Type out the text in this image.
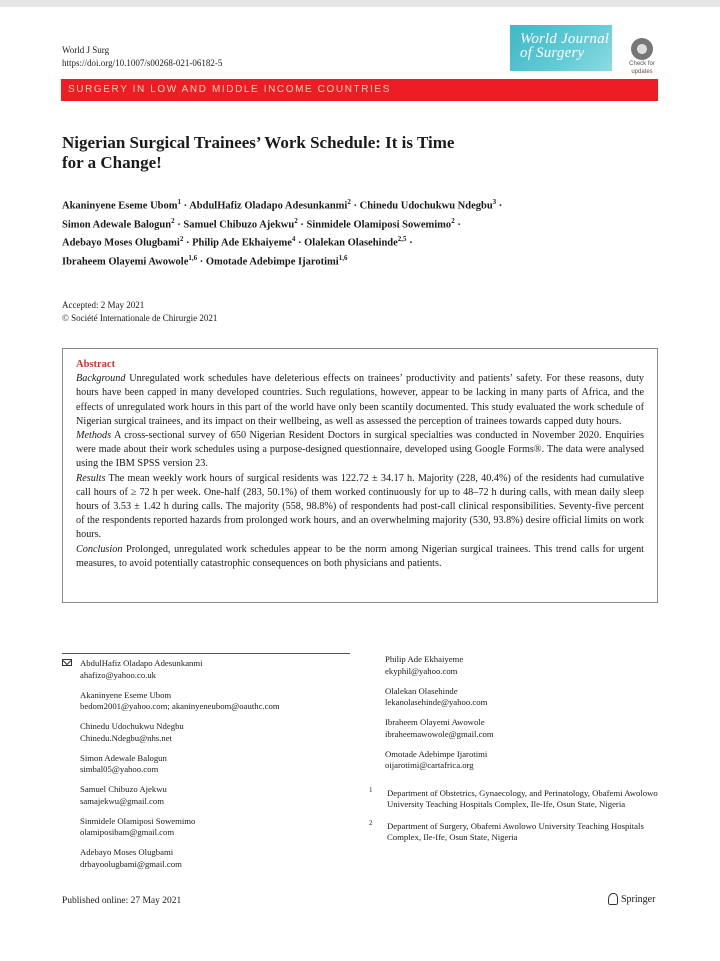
World J Surg
https://doi.org/10.1007/s00268-021-06182-5
World Journal
of Surgery
Check for
updates
SURGERY IN LOW AND MIDDLE INCOME COUNTRIES
Nigerian Surgical Trainees’ Work Schedule: It is Time
for a Change!
Akaninyene Eseme Ubom$^1$ · AbdulHafiz Oladapo Adesunkanmi$^2$ · Chinedu Udochukwu Ndegbu$^3$ ·
Simon Adewale Balogun$^2$ · Samuel Chibuzo Ajekwu$^2$ · Sinmidele Olamiposi Sowemimo$^2$ ·
Adebayo Moses Olugbami$^2$ · Philip Ade Ekhaiyeme$^4$ · Olalekan Olasehinde$^{2,5}$ ·
Ibraheem Olayemi Awowole$^{1,6}$ · Omotade Adebimpe Ijarotimi$^{1,6}$
Accepted: 2 May 2021
© Société Internationale de Chirurgie 2021
Abstract

Background Unregulated work schedules have deleterious effects on trainees’ productivity and patients’ safety. For these reasons, duty hours have been capped in many developed countries. Such regulations, however, appear to be lacking in many parts of Africa, and the effects of unregulated work hours in this part of the world have only been scantily documented. This study evaluated the work schedule of Nigerian surgical trainees, and its impact on their wellbeing, as well as assessed the perception of trainees towards capped duty hours.

Methods A cross-sectional survey of 650 Nigerian Resident Doctors in surgical specialties was conducted in November 2020. Enquiries were made about their work schedules using a purpose-designed questionnaire, developed using Google Forms®. The data were analysed using the IBM SPSS version 23.

Results The mean weekly work hours of surgical residents was 122.72 ± 34.17 h. Majority (228, 40.4%) of the residents had cumulative call hours of ≥ 72 h per week. One-half (283, 50.1%) of them worked continuously for up to 48–72 h during calls, with mean daily sleep hours of 3.53 ± 1.42 h during calls. The majority (558, 98.8%) of respondents had post-call clinical responsibilities. Seventy-five percent of the respondents reported hazards from prolonged work hours, and an overwhelming majority (530, 93.8%) desire official limits on work hours.

Conclusion Prolonged, unregulated work schedules appear to be the norm among Nigerian surgical trainees. This trend calls for urgent measures, to avoid potentially catastrophic consequences on both physicians and patients.

AbdulHafiz Oladapo Adesunkanmi
ahafizo@yahoo.co.uk
Akaninyene Eseme Ubom
bedom2001@yahoo.com; akaninyeneubom@oauthc.com
Chinedu Udochukwu Ndegbu
Chinedu.Ndegbu@nhs.net
Simon Adewale Balogun
simbal05@yahoo.com
Samuel Chibuzo Ajekwu
samajekwu@gmail.com
Sinmidele Olamiposi Sowemimo
olamiposibam@gmail.com
Adebayo Moses Olugbami
drbayoolugbami@gmail.com
Philip Ade Ekhaiyeme
ekyphil@yahoo.com
Olalekan Olasehinde
lekanolasehinde@yahoo.com
Ibraheem Olayemi Awowole
ibraheemawowole@gmail.com
Omotade Adebimpe Ijarotimi
oijarotimi@cartafrica.org
1 Department of Obstetrics, Gynaecology, and Perinatology, Obafemi Awolowo University Teaching Hospitals Complex, Ile-Ife, Osun State, Nigeria
2 Department of Surgery, Obafemi Awolowo University Teaching Hospitals Complex, Ile-Ife, Osun State, Nigeria
Published online: 27 May 2021	Springer
